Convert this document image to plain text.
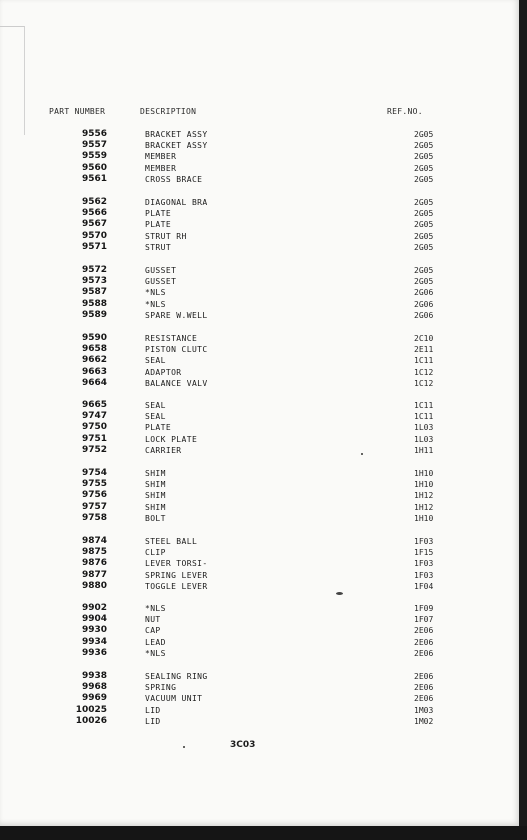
PART NUMBER	DESCRIPTION	REF.NO.
9556	BRACKET ASSY	2G05
9557	BRACKET ASSY	2G05
9559	MEMBER	2G05
9560	MEMBER	2G05
9561	CROSS BRACE	2G05
9562	DIAGONAL BRA	2G05
9566	PLATE	2G05
9567	PLATE	2G05
9570	STRUT RH	2G05
9571	STRUT	2G05
9572	GUSSET	2G05
9573	GUSSET	2G05
9587	*NLS	2G06
9588	*NLS	2G06
9589	SPARE W.WELL	2G06
9590	RESISTANCE	2C10
9658	PISTON CLUTC	2E11
9662	SEAL	1C11
9663	ADAPTOR	1C12
9664	BALANCE VALV	1C12
9665	SEAL	1C11
9747	SEAL	1C11
9750	PLATE	1L03
9751	LOCK PLATE	1L03
9752	CARRIER	1H11
9754	SHIM	1H10
9755	SHIM	1H10
9756	SHIM	1H12
9757	SHIM	1H12
9758	BOLT	1H10
9874	STEEL BALL	1F03
9875	CLIP	1F15
9876	LEVER TORSI-	1F03
9877	SPRING LEVER	1F03
9880	TOGGLE LEVER	1F04
9902	*NLS	1F09
9904	NUT	1F07
9930	CAP	2E06
9934	LEAD	2E06
9936	*NLS	2E06
9938	SEALING RING	2E06
9968	SPRING	2E06
9969	VACUUM UNIT	2E06
10025	LID	1M03
10026	LID	1M02
3C03
